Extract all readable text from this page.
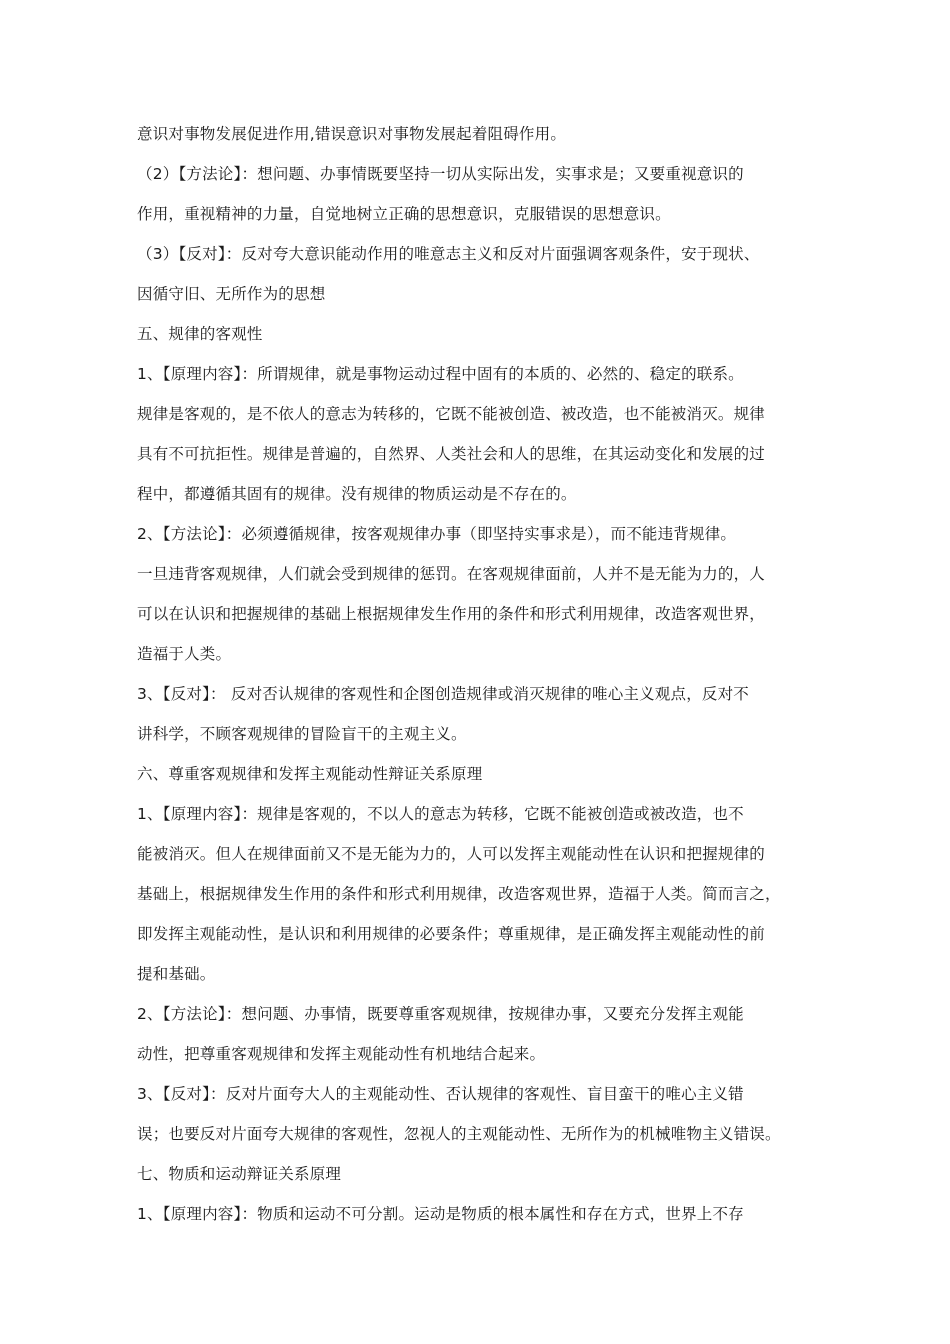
意识对事物发展促进作用,错误意识对事物发展起着阻碍作用。
（2）【方法论】：想问题、办事情既要坚持一切从实际出发，实事求是；又要重视意识的
作用，重视精神的力量，自觉地树立正确的思想意识，克服错误的思想意识。
（3）【反对】：反对夸大意识能动作用的唯意志主义和反对片面强调客观条件，安于现状、
因循守旧、无所作为的思想
五、规律的客观性
1、【原理内容】：所谓规律，就是事物运动过程中固有的本质的、必然的、稳定的联系。
规律是客观的，是不依人的意志为转移的，它既不能被创造、被改造，也不能被消灭。规律
具有不可抗拒性。规律是普遍的，自然界、人类社会和人的思维，在其运动变化和发展的过
程中，都遵循其固有的规律。没有规律的物质运动是不存在的。
2、【方法论】：必须遵循规律，按客观规律办事（即坚持实事求是），而不能违背规律。
一旦违背客观规律，人们就会受到规律的惩罚。在客观规律面前，人并不是无能为力的，人
可以在认识和把握规律的基础上根据规律发生作用的条件和形式利用规律，改造客观世界，
造福于人类。
3、【反对】： 反对否认规律的客观性和企图创造规律或消灭规律的唯心主义观点，反对不
讲科学，不顾客观规律的冒险盲干的主观主义。
六、尊重客观规律和发挥主观能动性辩证关系原理
1、【原理内容】：规律是客观的，不以人的意志为转移，它既不能被创造或被改造，也不
能被消灭。但人在规律面前又不是无能为力的，人可以发挥主观能动性在认识和把握规律的
基础上，根据规律发生作用的条件和形式利用规律，改造客观世界，造福于人类。简而言之，
即发挥主观能动性，是认识和利用规律的必要条件；尊重规律，是正确发挥主观能动性的前
提和基础。
2、【方法论】：想问题、办事情，既要尊重客观规律，按规律办事，又要充分发挥主观能
动性，把尊重客观规律和发挥主观能动性有机地结合起来。
3、【反对】：反对片面夸大人的主观能动性、否认规律的客观性、盲目蛮干的唯心主义错
误；也要反对片面夸大规律的客观性，忽视人的主观能动性、无所作为的机械唯物主义错误。
七、物质和运动辩证关系原理
1、【原理内容】：物质和运动不可分割。运动是物质的根本属性和存在方式，世界上不存
